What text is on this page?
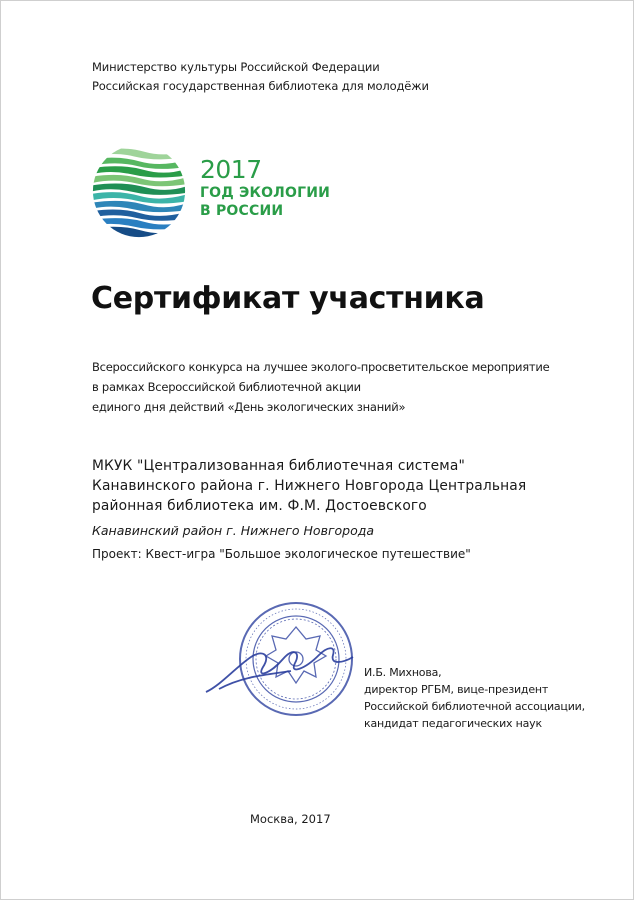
Министерство культуры Российской Федерации
Российская государственная библиотека для молодёжи
2017
ГОД ЭКОЛОГИИ
В РОССИИ
Сертификат участника
Всероссийского конкурса на лучшее эколого-просветительское мероприятие
в рамках Всероссийской библиотечной акции
единого дня действий «День экологических знаний»
МКУК "Централизованная библиотечная система" Канавинского района г. Нижнего Новгорода Центральная районная библиотека им. Ф.М. Достоевского
Канавинский район г. Нижнего Новгорода
Проект: Квест-игра "Большое экологическое путешествие"
И.Б. Михнова,
директор РГБМ, вице-президент
Российской библиотечной ассоциации,
кандидат педагогических наук
Москва, 2017
